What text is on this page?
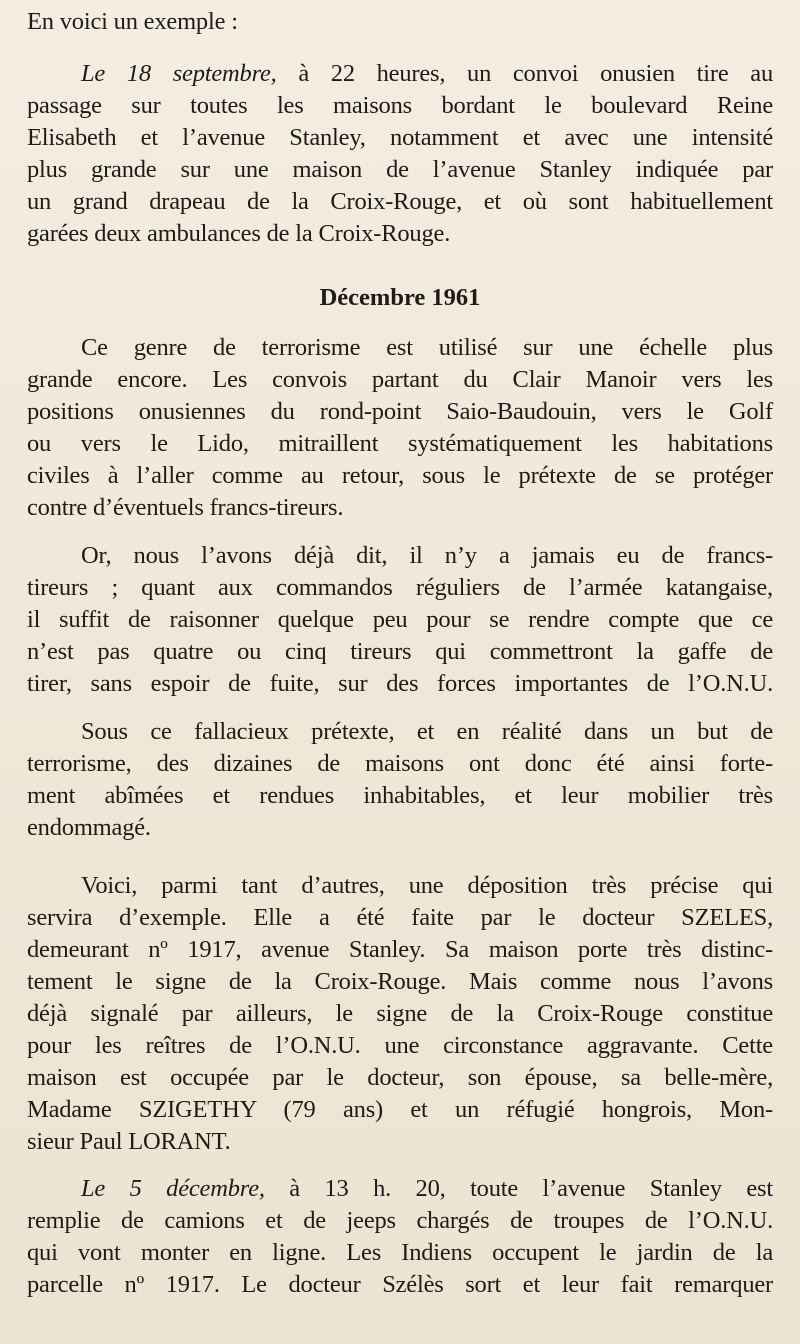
En voici un exemple :
Le 18 septembre, à 22 heures, un convoi onusien tire au
passage sur toutes les maisons bordant le boulevard Reine
Elisabeth et l’avenue Stanley, notamment et avec une intensité
plus grande sur une maison de l’avenue Stanley indiquée par
un grand drapeau de la Croix-Rouge, et où sont habituellement
garées deux ambulances de la Croix-Rouge.
Décembre 1961
Ce genre de terrorisme est utilisé sur une échelle plus
grande encore. Les convois partant du Clair Manoir vers les
positions onusiennes du rond-point Saio-Baudouin, vers le Golf
ou vers le Lido, mitraillent systématiquement les habitations
civiles à l’aller comme au retour, sous le prétexte de se protéger
contre d’éventuels francs-tireurs.
Or, nous l’avons déjà dit, il n’y a jamais eu de francs-
tireurs ; quant aux commandos réguliers de l’armée katangaise,
il suffit de raisonner quelque peu pour se rendre compte que ce
n’est pas quatre ou cinq tireurs qui commettront la gaffe de
tirer, sans espoir de fuite, sur des forces importantes de l’O.N.U.
Sous ce fallacieux prétexte, et en réalité dans un but de
terrorisme, des dizaines de maisons ont donc été ainsi forte-
ment abîmées et rendues inhabitables, et leur mobilier très
endommagé.
Voici, parmi tant d’autres, une déposition très précise qui
servira d’exemple. Elle a été faite par le docteur SZELES,
demeurant nº 1917, avenue Stanley. Sa maison porte très distinc-
tement le signe de la Croix-Rouge. Mais comme nous l’avons
déjà signalé par ailleurs, le signe de la Croix-Rouge constitue
pour les reîtres de l’O.N.U. une circonstance aggravante. Cette
maison est occupée par le docteur, son épouse, sa belle-mère,
Madame SZIGETHY (79 ans) et un réfugié hongrois, Mon-
sieur Paul LORANT.
Le 5 décembre, à 13 h. 20, toute l’avenue Stanley est
remplie de camions et de jeeps chargés de troupes de l’O.N.U.
qui vont monter en ligne. Les Indiens occupent le jardin de la
parcelle nº 1917. Le docteur Szélès sort et leur fait remarquer
